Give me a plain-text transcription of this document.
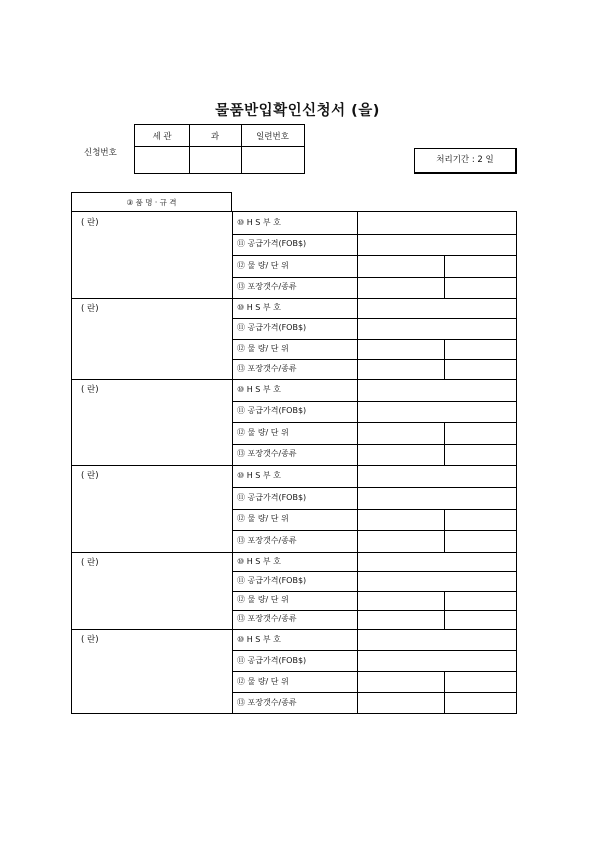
물품반입확인신청서 (을)
신청번호
세 관	과	일련번호
처리기간 : 2 일
③ 품 명 · 규 격
( 란)	⑩ H S 부 호
⑪ 공급가격(FOB$)
⑫ 물 량/ 단 위
⑬ 포장갯수/종류
( 란)	⑩ H S 부 호
⑪ 공급가격(FOB$)
⑫ 물 량/ 단 위
⑬ 포장갯수/종류
( 란)	⑩ H S 부 호
⑪ 공급가격(FOB$)
⑫ 물 량/ 단 위
⑬ 포장갯수/종류
( 란)	⑩ H S 부 호
⑪ 공급가격(FOB$)
⑫ 물 량/ 단 위
⑬ 포장갯수/종류
( 란)	⑩ H S 부 호
⑪ 공급가격(FOB$)
⑫ 물 량/ 단 위
⑬ 포장갯수/종류
( 란)	⑩ H S 부 호
⑪ 공급가격(FOB$)
⑫ 물 량/ 단 위
⑬ 포장갯수/종류
